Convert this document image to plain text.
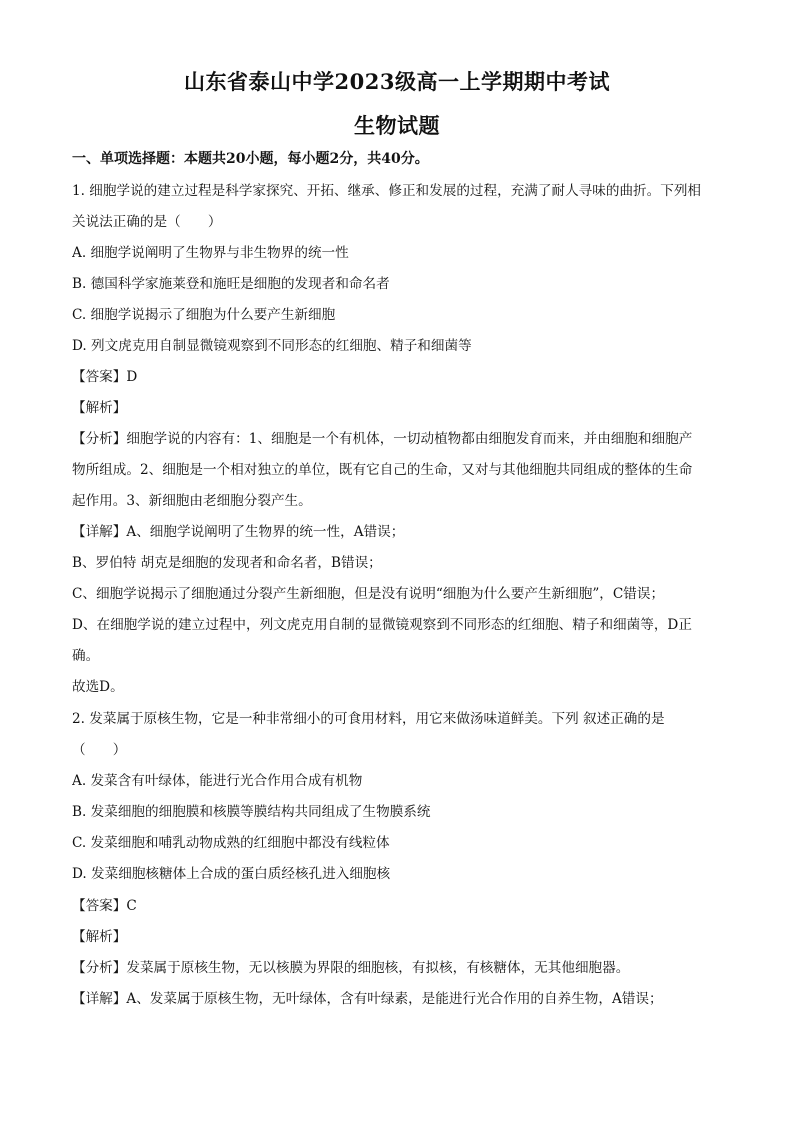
山东省泰山中学2023级高一上学期期中考试
生物试题
一、单项选择题：本题共20小题，每小题2分，共40分。
1. 细胞学说的建立过程是科学家探究、开拓、继承、修正和发展的过程，充满了耐人寻味的曲折。下列相
关说法正确的是（　　）
A. 细胞学说阐明了生物界与非生物界的统一性
B. 德国科学家施莱登和施旺是细胞的发现者和命名者
C. 细胞学说揭示了细胞为什么要产生新细胞
D. 列文虎克用自制显微镜观察到不同形态的红细胞、精子和细菌等
【答案】D
【解析】
【分析】细胞学说的内容有：1、细胞是一个有机体，一切动植物都由细胞发育而来，并由细胞和细胞产
物所组成。2、细胞是一个相对独立的单位，既有它自己的生命，又对与其他细胞共同组成的整体的生命
起作用。3、新细胞由老细胞分裂产生。
【详解】A、细胞学说阐明了生物界的统一性，A错误；
B、罗伯特 胡克是细胞的发现者和命名者，B错误；
C、细胞学说揭示了细胞通过分裂产生新细胞，但是没有说明“细胞为什么要产生新细胞”，C错误；
D、在细胞学说的建立过程中，列文虎克用自制的显微镜观察到不同形态的红细胞、精子和细菌等，D正
确。
故选D。
2. 发菜属于原核生物，它是一种非常细小的可食用材料，用它来做汤味道鲜美。下列 叙述正确的是
（　　）
A. 发菜含有叶绿体，能进行光合作用合成有机物
B. 发菜细胞的细胞膜和核膜等膜结构共同组成了生物膜系统
C. 发菜细胞和哺乳动物成熟的红细胞中都没有线粒体
D. 发菜细胞核糖体上合成的蛋白质经核孔进入细胞核
【答案】C
【解析】
【分析】发菜属于原核生物，无以核膜为界限的细胞核，有拟核，有核糖体，无其他细胞器。
【详解】A、发菜属于原核生物，无叶绿体，含有叶绿素，是能进行光合作用的自养生物，A错误；
